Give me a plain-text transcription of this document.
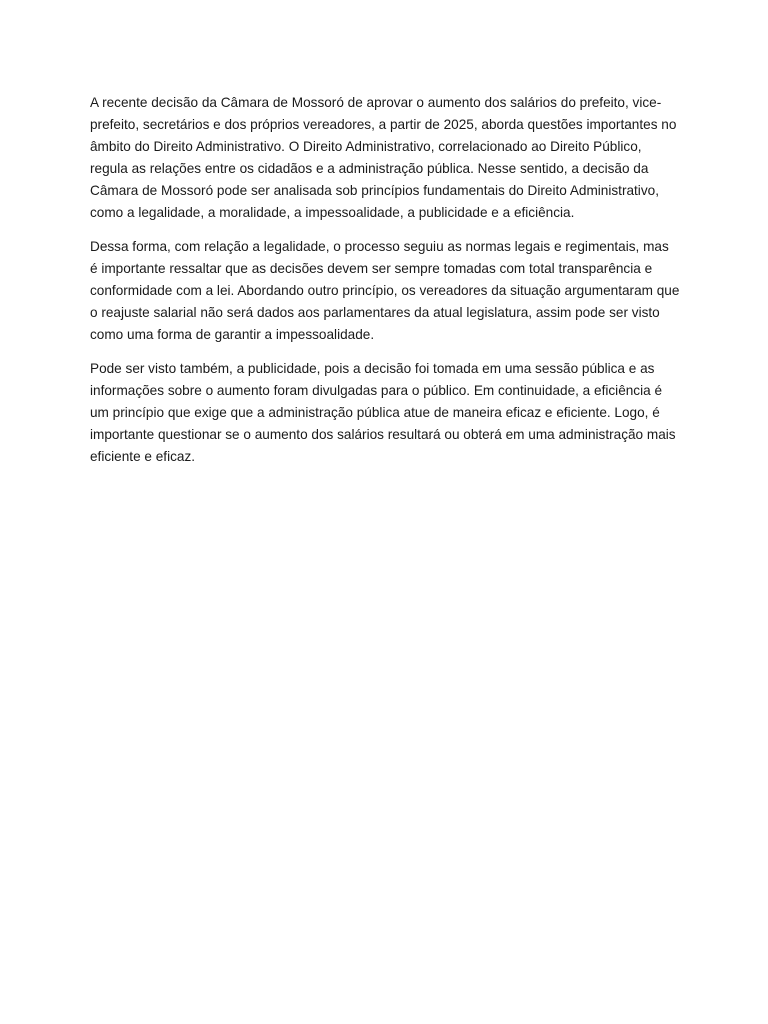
A recente decisão da Câmara de Mossoró de aprovar o aumento dos salários do prefeito, vice-prefeito, secretários e dos próprios vereadores, a partir de 2025, aborda questões importantes no âmbito do Direito Administrativo. O Direito Administrativo, correlacionado ao Direito Público, regula as relações entre os cidadãos e a administração pública. Nesse sentido, a decisão da Câmara de Mossoró pode ser analisada sob princípios fundamentais do Direito Administrativo, como a legalidade, a moralidade, a impessoalidade, a publicidade e a eficiência.

Dessa forma, com relação a legalidade, o processo seguiu as normas legais e regimentais, mas é importante ressaltar que as decisões devem ser sempre tomadas com total transparência e conformidade com a lei. Abordando outro princípio, os vereadores da situação argumentaram que o reajuste salarial não será dados aos parlamentares da atual legislatura, assim pode ser visto como uma forma de garantir a impessoalidade.

Pode ser visto também, a publicidade, pois a decisão foi tomada em uma sessão pública e as informações sobre o aumento foram divulgadas para o público. Em continuidade, a eficiência é um princípio que exige que a administração pública atue de maneira eficaz e eficiente. Logo, é importante questionar se o aumento dos salários resultará ou obterá em uma administração mais eficiente e eficaz.
